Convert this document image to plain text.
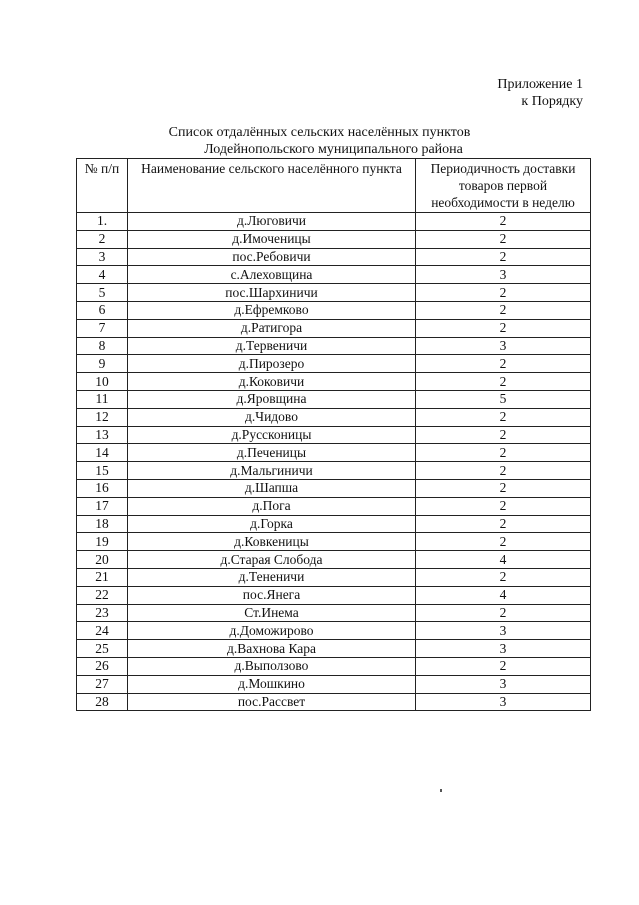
Приложение 1
к Порядку
Список отдалённых сельских населённых пунктов
Лодейнопольского муниципального района
№ п/п	Наименование сельского населённого пункта	Периодичность доставки товаров первой необходимости в неделю
1.	д.Люговичи	2
2	д.Имоченицы	2
3	пос.Ребовичи	2
4	с.Алеховщина	3
5	пос.Шархиничи	2
6	д.Ефремково	2
7	д.Ратигора	2
8	д.Тервеничи	3
9	д.Пирозеро	2
10	д.Коковичи	2
11	д.Яровщина	5
12	д.Чидово	2
13	д.Руссконицы	2
14	д.Печеницы	2
15	д.Мальгиничи	2
16	д.Шапша	2
17	д.Пога	2
18	д.Горка	2
19	д.Ковкеницы	2
20	д.Старая Слобода	4
21	д.Тененичи	2
22	пос.Янега	4
23	Ст.Инема	2
24	д.Доможирово	3
25	д.Вахнова Кара	3
26	д.Выползово	2
27	д.Мошкино	3
28	пос.Рассвет	3
